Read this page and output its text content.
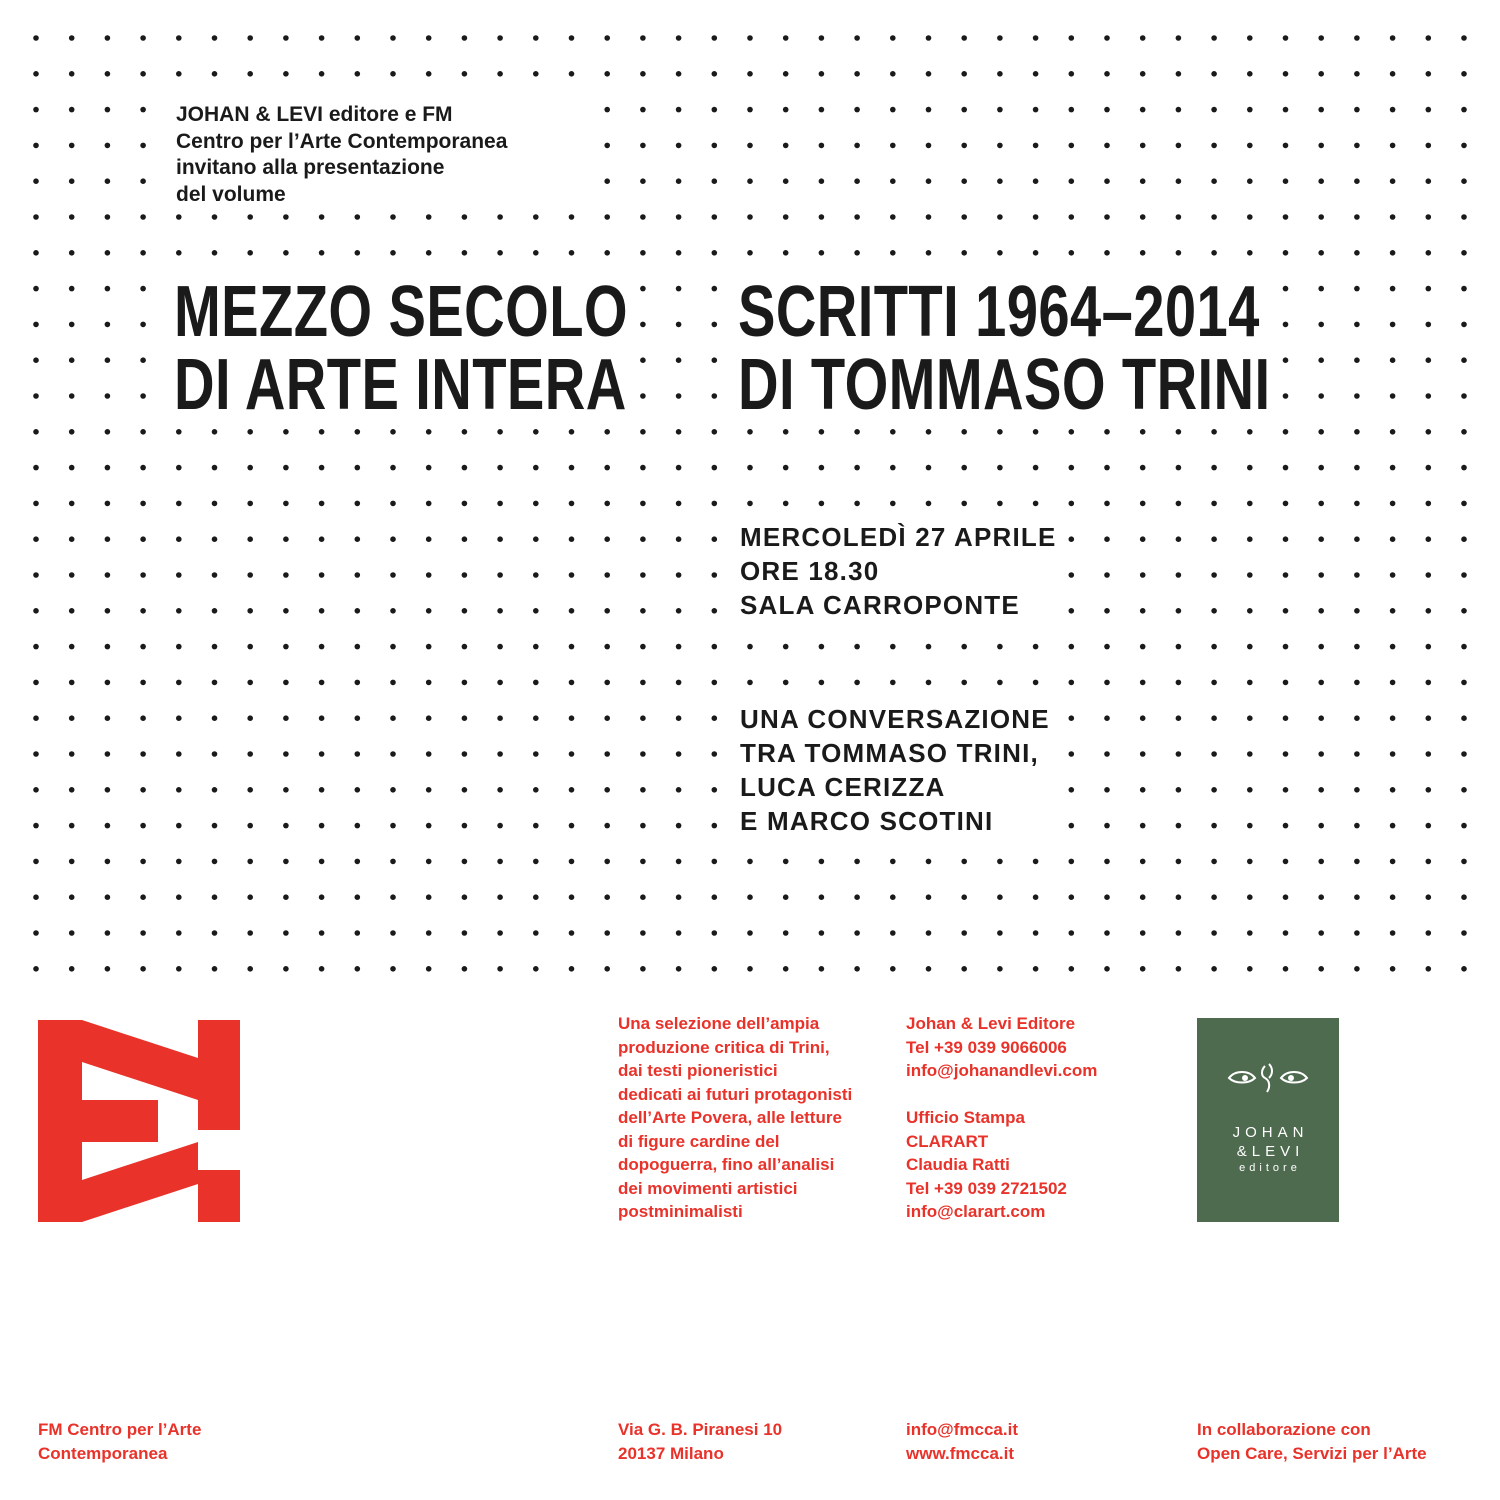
JOHAN & LEVI editore e FM
Centro per l’Arte Contemporanea
invitano alla presentazione
del volume
MEZZO SECOLO
DI ARTE INTERA
SCRITTI 1964–2014
DI TOMMASO TRINI
MERCOLEDÌ 27 APRILE
ORE 18.30
SALA CARROPONTE
UNA CONVERSAZIONE
TRA TOMMASO TRINI,
LUCA CERIZZA
E MARCO SCOTINI
Una selezione dell’ampia
produzione critica di Trini,
dai testi pioneristici
dedicati ai futuri protagonisti
dell’Arte Povera, alle letture
di figure cardine del
dopoguerra, fino all’analisi
dei movimenti artistici
postminimalisti
Johan & Levi Editore
Tel +39 039 9066006
info@johanandlevi.com
Ufficio Stampa
CLARART
Claudia Ratti
Tel +39 039 2721502
info@clarart.com
JOHAN
&LEVI
editore
FM Centro per l’Arte
Contemporanea
Via G. B. Piranesi 10
20137 Milano
info@fmcca.it
www.fmcca.it
In collaborazione con
Open Care, Servizi per l’Arte
